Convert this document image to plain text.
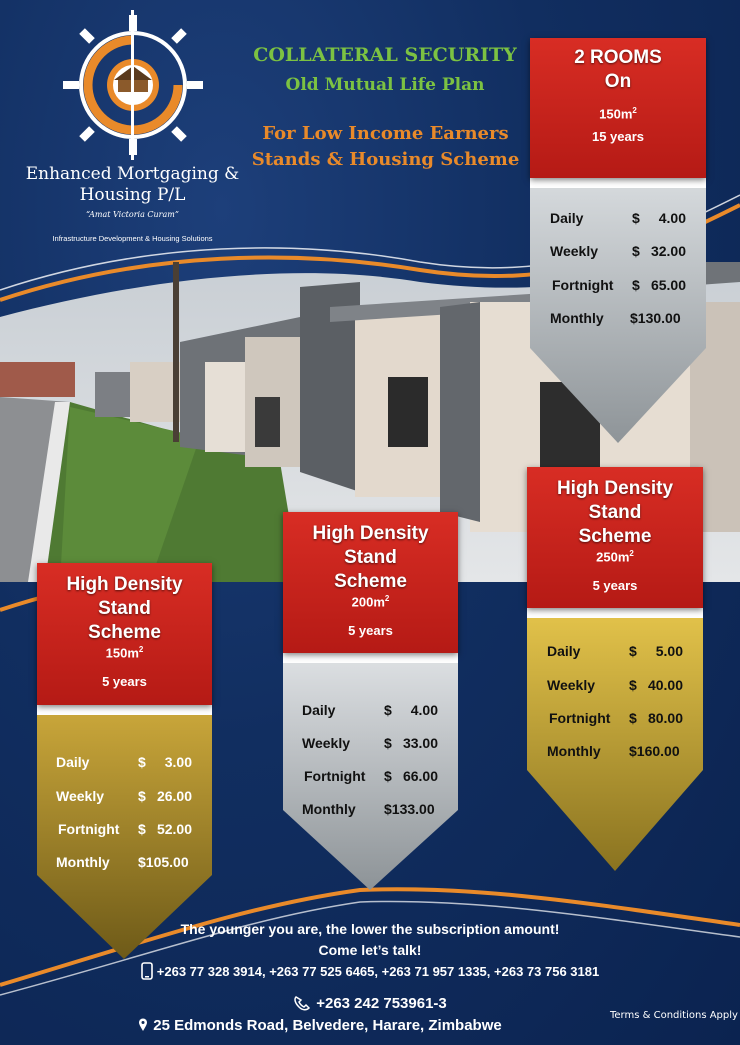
Enhanced Mortgaging &
Housing P/L
“Amat Victoria Curam”
Infrastructure Development & Housing Solutions
COLLATERAL SECURITY
Old Mutual Life Plan
For Low Income Earners
Stands & Housing Scheme
2 ROOMS
On
$150m^2$
15 years
High Density
Stand
Scheme
$250m^2$
5 years
High Density
Stand
Scheme
$200m^2$
5 years
High Density
Stand
Scheme
$150m^2$
5 years
Daily	$ 4.00
Weekly $ 32.00
Fortnight $ 65.00
Monthly $130.00
Daily	$ 5.00
Weekly $ 40.00
Fortnight $ 80.00
Monthly $160.00
Daily	$ 4.00
Weekly $ 33.00
Fortnight $ 66.00
Monthly $133.00
Daily	$ 3.00
Weekly $ 26.00
Fortnight $ 52.00
Monthly $105.00
The younger you are, the lower the subscription amount!
Come let’s talk!
+263 77 328 3914, +263 77 525 6465, +263 71 957 1335, +263 73 756 3181
+263 242 753961-3
25 Edmonds Road, Belvedere, Harare, Zimbabwe
Terms & Conditions Apply
